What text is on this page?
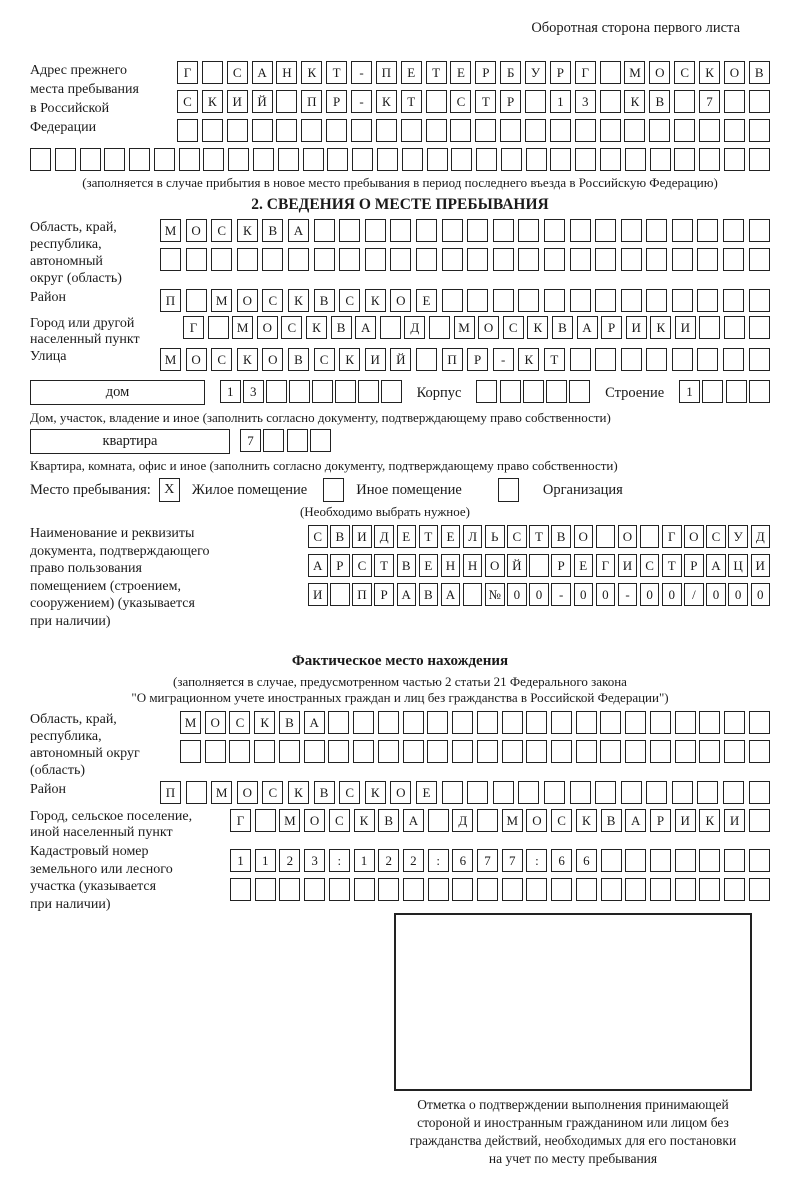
Оборотная сторона первого листа
Адрес прежнего
места пребывания
в Российской
Федерации
Г	С	А	Н	К	Т	-	П	Е	Т	Е	Р	Б	У	Р	Г	М	О	С	К	О	В
С	К	И	Й	П	Р	-	К	Т	С	Т	Р	1	3	К	В	7
(заполняется в случае прибытия в новое место пребывания в период последнего въезда в Российскую Федерацию)
2. СВЕДЕНИЯ О МЕСТЕ ПРЕБЫВАНИЯ
Область, край,
республика,
автономный
округ (область)
М	О	С	К	В	А
Район	П	М	О	С	К	В	С	К	О	Е
Город или другой
населенный пункт
Г	М	О	С	К	В	А	Д	М	О	С	К	В	А	Р	И	К	И
Улица	М	О	С	К	О	В	С	К	И	Й	П	Р	-	К	Т
дом	1	3	Корпус	Строение	1
Дом, участок, владение и иное (заполнить согласно документу, подтверждающему право собственности)
квартира	7
Квартира, комната, офис и иное (заполнить согласно документу, подтверждающему право собственности)
Место пребывания: X	Жилое помещение	Иное помещение	Организация
(Необходимо выбрать нужное)
Наименование и реквизиты
документа, подтверждающего
право пользования
помещением (строением,
сооружением) (указывается
при наличии)
С	В	И	Д	Е	Т	Е	Л	Ь	С	Т	В	О	О	Г	О	С	У	Д
А	Р	С	Т	В	Е	Н Н О Й	Р	Е	Г	И	С	Т	Р	А Ц И
И	П	Р	А	В	А	№ 0	0	-	0	0	-	0	0	/	0	0	0
Фактическое место нахождения
(заполняется в случае, предусмотренном частью 2 статьи 21 Федерального закона
"О миграционном учете иностранных граждан и лиц без гражданства в Российской Федерации")
Область, край,
республика,
автономный округ
(область)
М	О	С	К	В	А
Район	П	М	О	С	К	В	С	К	О	Е
Город, сельское поселение,
иной населенный пункт
Г	М	О	С	К	В	А	Д	М	О	С	К	В	А	Р	И	К	И
Кадастровый номер
земельного или лесного
участка (указывается
при наличии)
1	1	2	3	:	1	2	2	:	6	7	7	:	6	6
Отметка о подтверждении выполнения принимающей
стороной и иностранным гражданином или лицом без
гражданства действий, необходимых для его постановки
на учет по месту пребывания
